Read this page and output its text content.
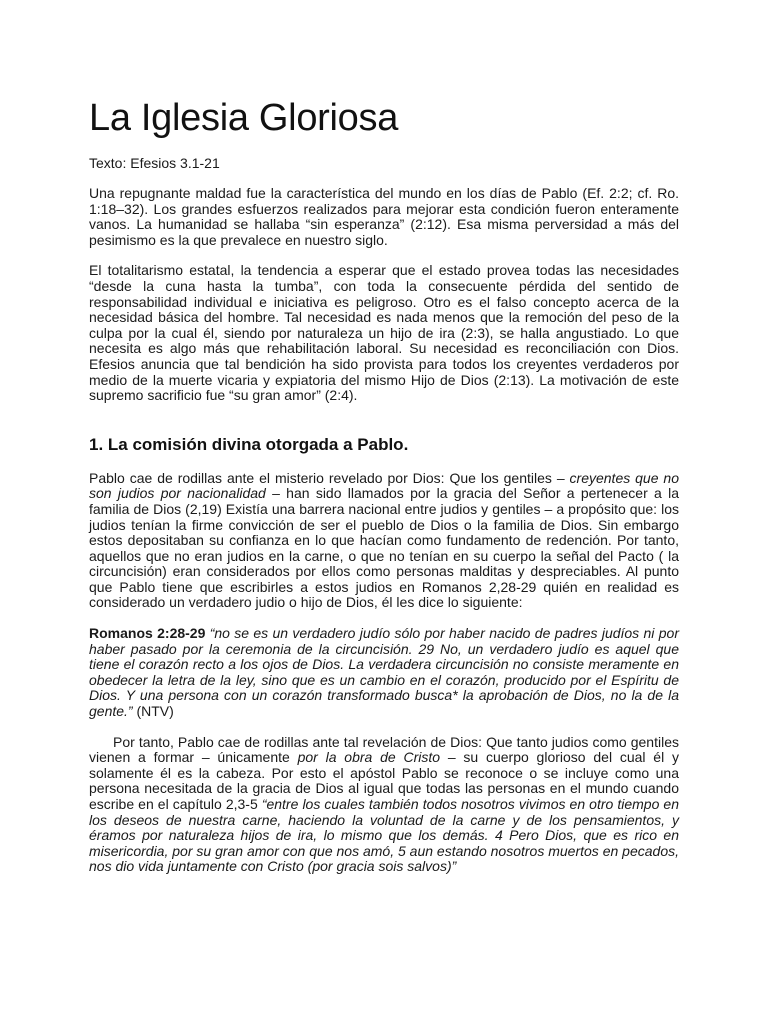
La Iglesia Gloriosa
Texto: Efesios 3.1-21

Una repugnante maldad fue la característica del mundo en los días de Pablo (Ef. 2:2; cf. Ro. 1:18–32). Los grandes esfuerzos realizados para mejorar esta condición fueron enteramente vanos. La humanidad se hallaba “sin esperanza” (2:12). Esa misma perversidad a más del pesimismo es la que prevalece en nuestro siglo.

El totalitarismo estatal, la tendencia a esperar que el estado provea todas las necesidades “desde la cuna hasta la tumba”, con toda la consecuente pérdida del sentido de responsabilidad individual e iniciativa es peligroso. Otro es el falso concepto acerca de la necesidad básica del hombre. Tal necesidad es nada menos que la remoción del peso de la culpa por la cual él, siendo por naturaleza un hijo de ira (2:3), se halla angustiado. Lo que necesita es algo más que rehabilitación laboral. Su necesidad es reconciliación con Dios. Efesios anuncia que tal bendición ha sido provista para todos los creyentes verdaderos por medio de la muerte vicaria y expiatoria del mismo Hijo de Dios (2:13). La motivación de este supremo sacrificio fue “su gran amor” (2:4).

1. La comisión divina otorgada a Pablo.

Pablo cae de rodillas ante el misterio revelado por Dios: Que los gentiles – creyentes que no son judios por nacionalidad – han sido llamados por la gracia del Señor a pertenecer a la familia de Dios (2,19) Existía una barrera nacional entre judios y gentiles – a propósito que: los judios tenían la firme convicción de ser el pueblo de Dios o la familia de Dios. Sin embargo estos depositaban su confianza en lo que hacían como fundamento de redención. Por tanto, aquellos que no eran judios en la carne, o que no tenían en su cuerpo la señal del Pacto ( la circuncisión) eran considerados por ellos como personas malditas y despreciables. Al punto que Pablo tiene que escribirles a estos judios en Romanos 2,28-29 quién en realidad es considerado un verdadero judio o hijo de Dios, él les dice lo siguiente:

Romanos 2:28-29 “no se es un verdadero judío sólo por haber nacido de padres judíos ni por haber pasado por la ceremonia de la circuncisión. 29 No, un verdadero judío es aquel que tiene el corazón recto a los ojos de Dios. La verdadera circuncisión no consiste meramente en obedecer la letra de la ley, sino que es un cambio en el corazón, producido por el Espíritu de Dios. Y una persona con un corazón transformado busca* la aprobación de Dios, no la de la gente.” (NTV)

Por tanto, Pablo cae de rodillas ante tal revelación de Dios: Que tanto judios como gentiles vienen a formar – únicamente por la obra de Cristo – su cuerpo glorioso del cual él y solamente él es la cabeza. Por esto el apóstol Pablo se reconoce o se incluye como una persona necesitada de la gracia de Dios al igual que todas las personas en el mundo cuando escribe en el capítulo 2,3-5 “entre los cuales también todos nosotros vivimos en otro tiempo en los deseos de nuestra carne, haciendo la voluntad de la carne y de los pensamientos, y éramos por naturaleza hijos de ira, lo mismo que los demás. 4 Pero Dios, que es rico en misericordia, por su gran amor con que nos amó, 5 aun estando nosotros muertos en pecados, nos dio vida juntamente con Cristo (por gracia sois salvos)”
